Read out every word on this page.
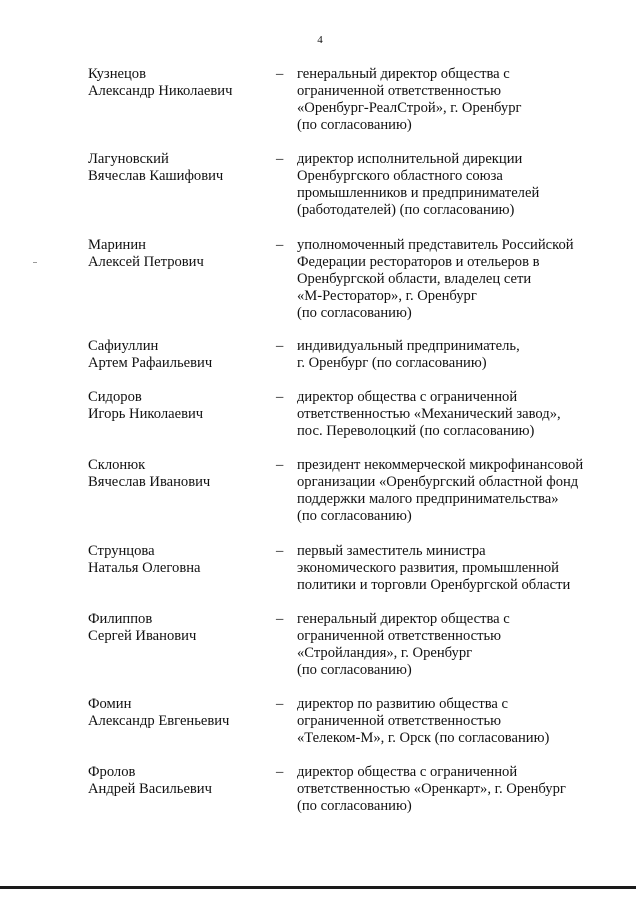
4
Кузнецов
Александр Николаевич
– генеральный директор общества с
ограниченной ответственностью
«Оренбург-РеалСтрой», г. Оренбург
(по согласованию)
Лагуновский
Вячеслав Кашифович
– директор исполнительной дирекции
Оренбургского областного союза
промышленников и предпринимателей
(работодателей) (по согласованию)
Маринин
Алексей Петрович
– уполномоченный представитель Российской
Федерации рестораторов и отельеров в
Оренбургской области, владелец сети
«М-Ресторатор», г. Оренбург
(по согласованию)
Сафиуллин
Артем Рафаильевич
– индивидуальный предприниматель,
г. Оренбург (по согласованию)
Сидоров
Игорь Николаевич
– директор общества с ограниченной
ответственностью «Механический завод»,
пос. Переволоцкий (по согласованию)
Склонюк
Вячеслав Иванович
– президент некоммерческой микрофинансовой
организации «Оренбургский областной фонд
поддержки малого предпринимательства»
(по согласованию)
Струнцова
Наталья Олеговна
– первый заместитель министра
экономического развития, промышленной
политики и торговли Оренбургской области
Филиппов
Сергей Иванович
– генеральный директор общества с
ограниченной ответственностью
«Стройландия», г. Оренбург
(по согласованию)
Фомин
Александр Евгеньевич
– директор по развитию общества с
ограниченной ответственностью
«Телеком-М», г. Орск (по согласованию)
Фролов
Андрей Васильевич
– директор общества с ограниченной
ответственностью «Оренкарт», г. Оренбург
(по согласованию)
